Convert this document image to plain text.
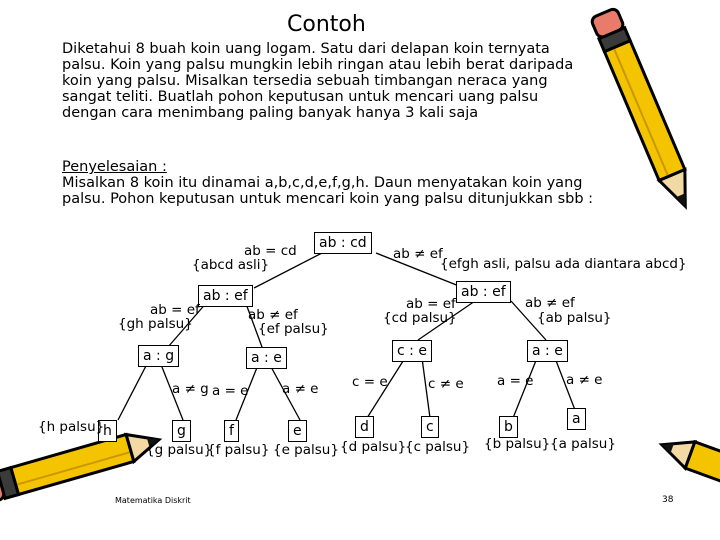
Contoh
Diketahui 8 buah koin uang logam. Satu dari delapan koin ternyata
palsu. Koin yang palsu mungkin lebih ringan atau lebih berat daripada
koin yang palsu. Misalkan tersedia sebuah timbangan neraca yang
sangat teliti. Buatlah pohon keputusan untuk mencari uang palsu
dengan cara menimbang paling banyak hanya 3 kali saja
Penyelesaian :
Misalkan 8 koin itu dinamai a,b,c,d,e,f,g,h. Daun menyatakan koin yang
palsu. Pohon keputusan untuk mencari koin yang palsu ditunjukkan sbb :
ab : cd
ab = cd
{abcd asli}
ab ≠ ef
{efgh asli, palsu ada diantara abcd}
ab : ef
ab = ef
{gh palsu}
ab ≠ ef
{ef palsu}
ab : ef
ab = ef
{cd palsu}
ab ≠ ef
{ab palsu}
a : g	a : e	c : e	a : e
a ≠ g a = e a ≠ e c = e	c ≠ e a = e a ≠ e
h	g	f	e	d	c	b	a
{h palsu}
{g palsu}
{f palsu} {e palsu} {d palsu}
{c palsu} {b palsu} {a palsu}
Matematika Diskrit	38
